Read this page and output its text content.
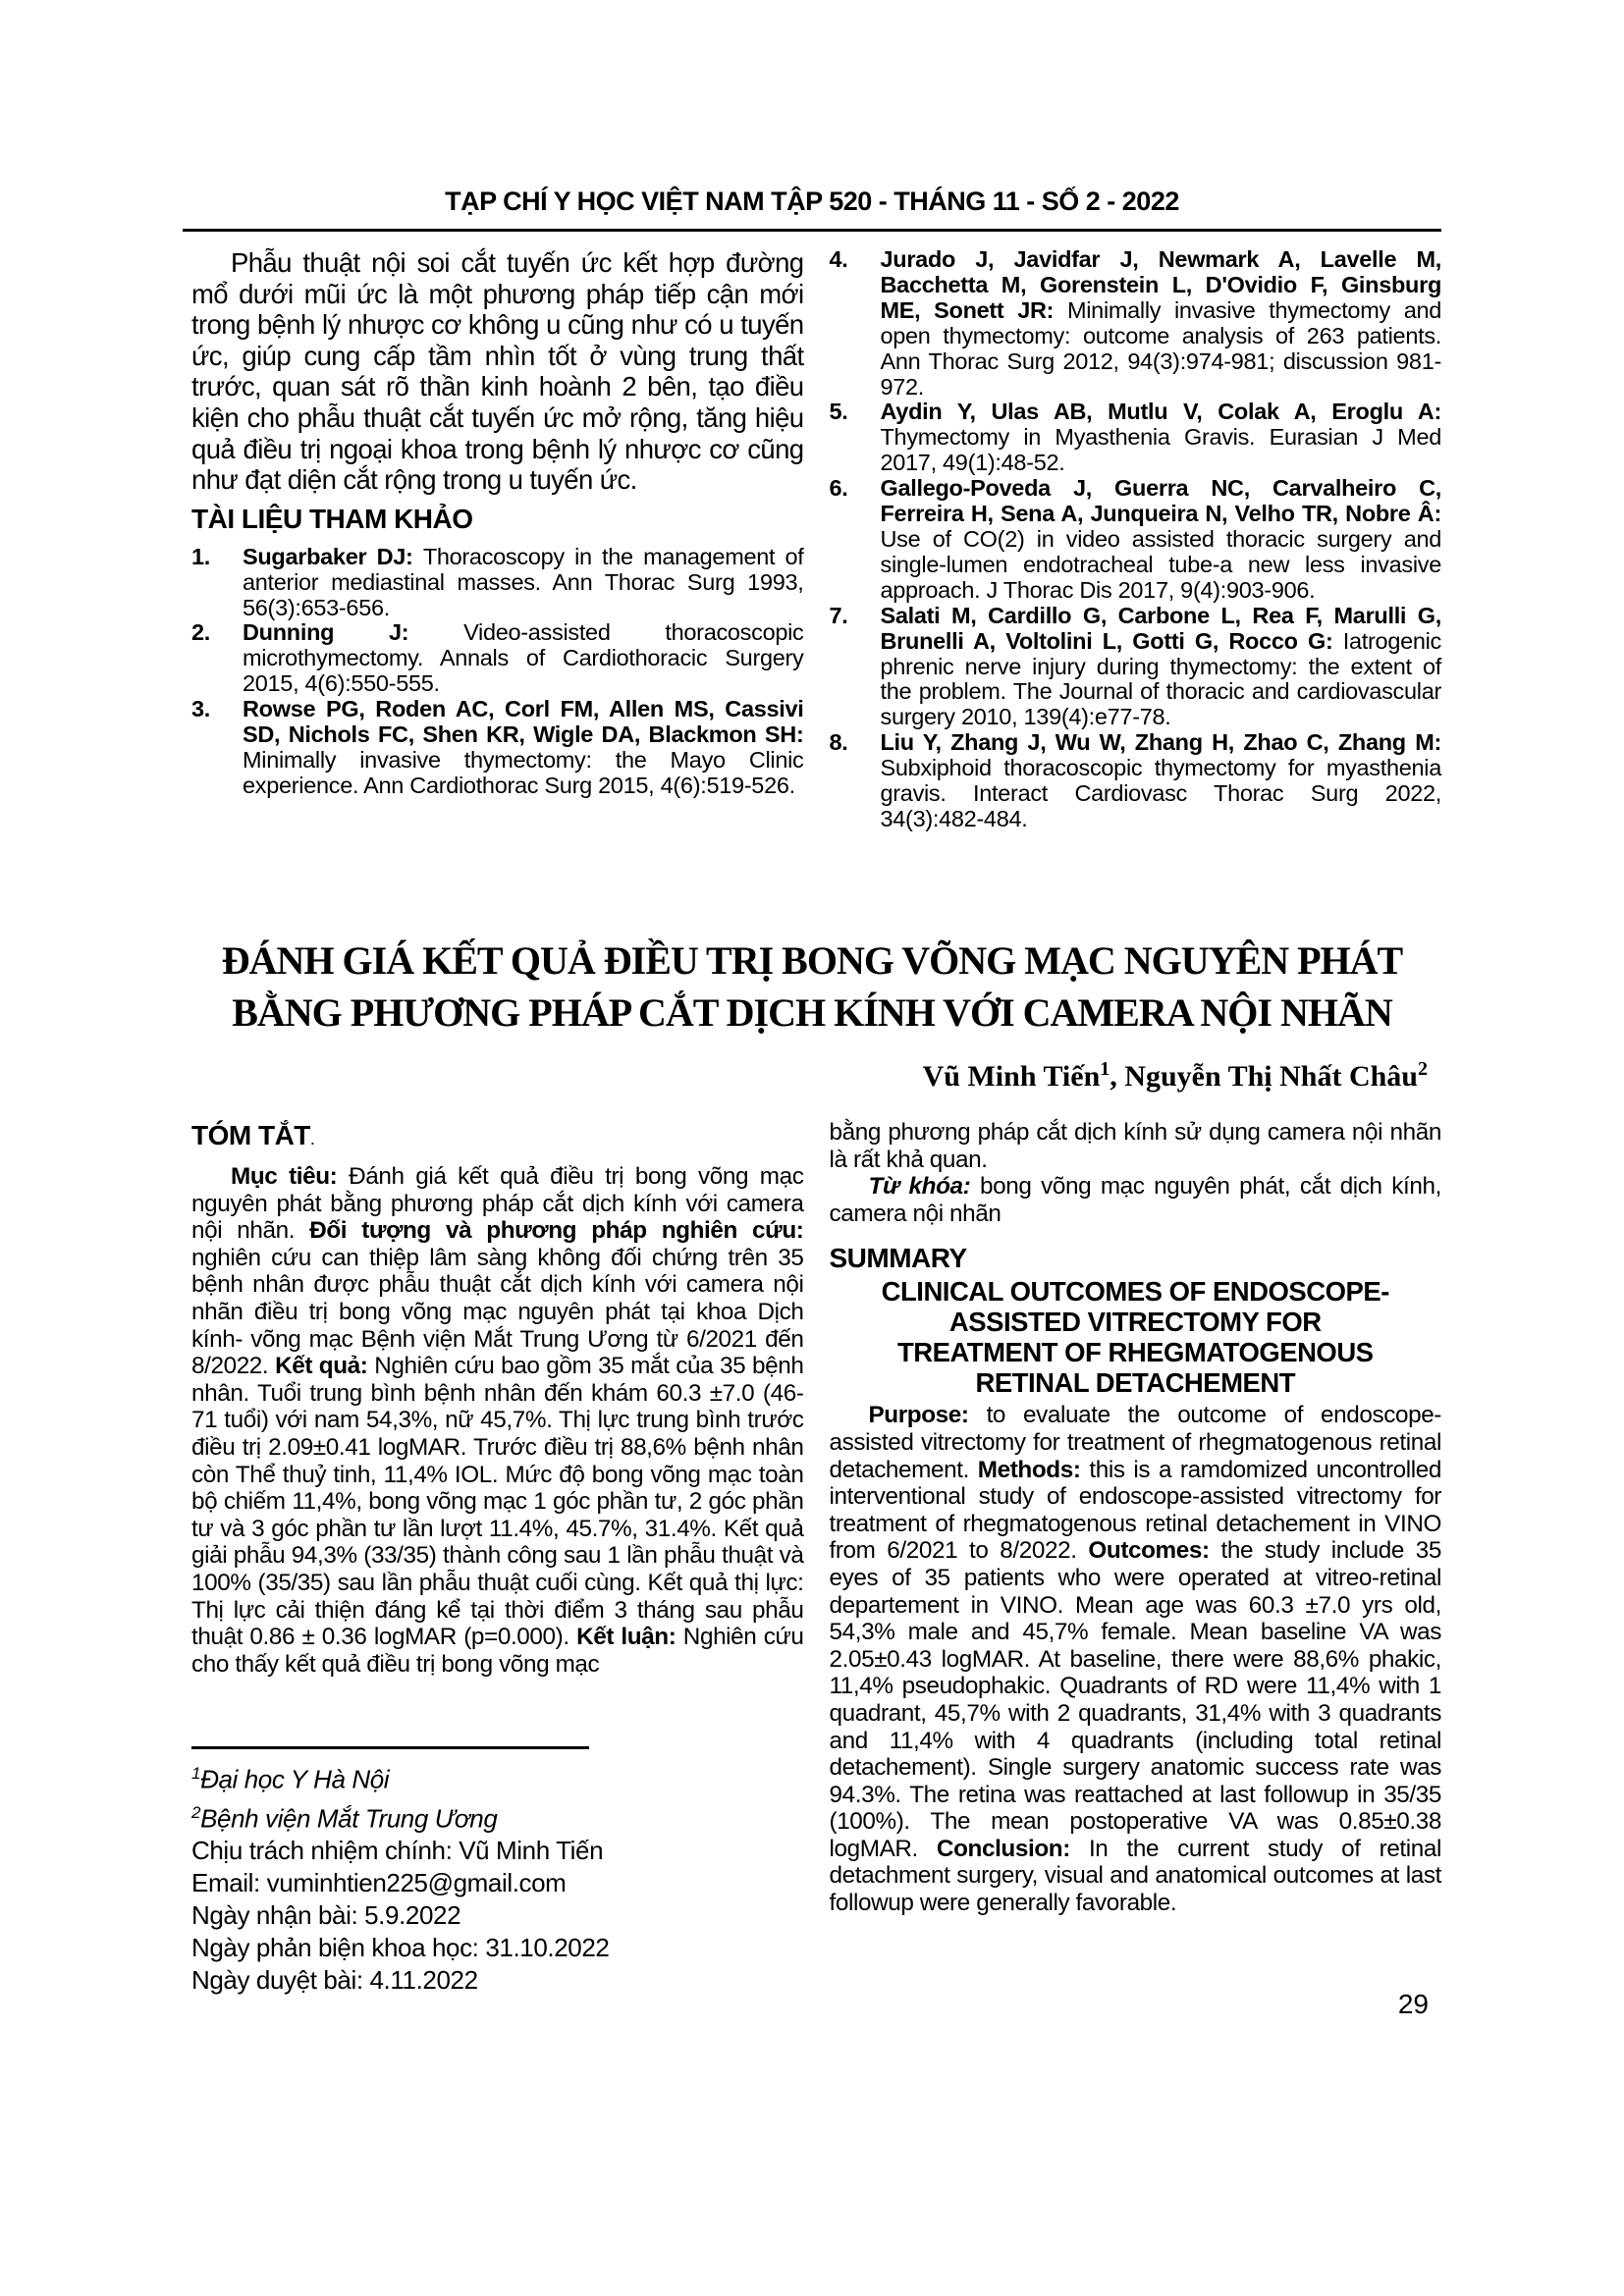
TẠP CHÍ Y HỌC VIỆT NAM TẬP 520 - THÁNG 11 - SỐ 2 - 2022

Phẫu thuật nội soi cắt tuyến ức kết hợp đường mổ dưới mũi ức là một phương pháp tiếp cận mới trong bệnh lý nhược cơ không u cũng như có u tuyến ức, giúp cung cấp tầm nhìn tốt ở vùng trung thất trước, quan sát rõ thần kinh hoành 2 bên, tạo điều kiện cho phẫu thuật cắt tuyến ức mở rộng, tăng hiệu quả điều trị ngoại khoa trong bệnh lý nhược cơ cũng như đạt diện cắt rộng trong u tuyến ức.

TÀI LIỆU THAM KHẢO
1. Sugarbaker DJ: Thoracoscopy in the management of anterior mediastinal masses. Ann Thorac Surg 1993, 56(3):653-656.
2. Dunning J: Video-assisted thoracoscopic microthymectomy. Annals of Cardiothoracic Surgery 2015, 4(6):550-555.
3. Rowse PG, Roden AC, Corl FM, Allen MS, Cassivi SD, Nichols FC, Shen KR, Wigle DA, Blackmon SH: Minimally invasive thymectomy: the Mayo Clinic experience. Ann Cardiothorac Surg 2015, 4(6):519-526.
4. Jurado J, Javidfar J, Newmark A, Lavelle M, Bacchetta M, Gorenstein L, D'Ovidio F, Ginsburg ME, Sonett JR: Minimally invasive thymectomy and open thymectomy: outcome analysis of 263 patients. Ann Thorac Surg 2012, 94(3):974-981; discussion 981-972.
5. Aydin Y, Ulas AB, Mutlu V, Colak A, Eroglu A: Thymectomy in Myasthenia Gravis. Eurasian J Med 2017, 49(1):48-52.
6. Gallego-Poveda J, Guerra NC, Carvalheiro C, Ferreira H, Sena A, Junqueira N, Velho TR, Nobre Â: Use of CO(2) in video assisted thoracic surgery and single-lumen endotracheal tube-a new less invasive approach. J Thorac Dis 2017, 9(4):903-906.
7. Salati M, Cardillo G, Carbone L, Rea F, Marulli G, Brunelli A, Voltolini L, Gotti G, Rocco G: Iatrogenic phrenic nerve injury during thymectomy: the extent of the problem. The Journal of thoracic and cardiovascular surgery 2010, 139(4):e77-78.
8. Liu Y, Zhang J, Wu W, Zhang H, Zhao C, Zhang M: Subxiphoid thoracoscopic thymectomy for myasthenia gravis. Interact Cardiovasc Thorac Surg 2022, 34(3):482-484.
ĐÁNH GIÁ KẾT QUẢ ĐIỀU TRỊ BONG VÕNG MẠC NGUYÊN PHÁT
BẰNG PHƯƠNG PHÁP CẮT DỊCH KÍNH VỚI CAMERA NỘI NHÃN
Vũ Minh Tiến$^1$, Nguyễn Thị Nhất Châu$^2$
TÓM TẮT.

Mục tiêu: Đánh giá kết quả điều trị bong võng mạc nguyên phát bằng phương pháp cắt dịch kính với camera nội nhãn. Đối tượng và phương pháp nghiên cứu: nghiên cứu can thiệp lâm sàng không đối chứng trên 35 bệnh nhân được phẫu thuật cắt dịch kính với camera nội nhãn điều trị bong võng mạc nguyên phát tại khoa Dịch kính- võng mạc Bệnh viện Mắt Trung Ương từ 6/2021 đến 8/2022. Kết quả: Nghiên cứu bao gồm 35 mắt của 35 bệnh nhân. Tuổi trung bình bệnh nhân đến khám 60.3 ±7.0 (46-71 tuổi) với nam 54,3%, nữ 45,7%. Thị lực trung bình trước điều trị 2.09±0.41 logMAR. Trước điều trị 88,6% bệnh nhân còn Thể thuỷ tinh, 11,4% IOL. Mức độ bong võng mạc toàn bộ chiếm 11,4%, bong võng mạc 1 góc phần tư, 2 góc phần tư và 3 góc phần tư lần lượt 11.4%, 45.7%, 31.4%. Kết quả giải phẫu 94,3% (33/35) thành công sau 1 lần phẫu thuật và 100% (35/35) sau lần phẫu thuật cuối cùng. Kết quả thị lực: Thị lực cải thiện đáng kể tại thời điểm 3 tháng sau phẫu thuật 0.86 ± 0.36 logMAR (p=0.000). Kết luận: Nghiên cứu cho thấy kết quả điều trị bong võng mạc

bằng phương pháp cắt dịch kính sử dụng camera nội nhãn là rất khả quan.

Từ khóa: bong võng mạc nguyên phát, cắt dịch kính, camera nội nhãn

SUMMARY
CLINICAL OUTCOMES OF ENDOSCOPE-
ASSISTED VITRECTOMY FOR
TREATMENT OF RHEGMATOGENOUS
RETINAL DETACHEMENT

Purpose: to evaluate the outcome of endoscope-assisted vitrectomy for treatment of rhegmatogenous retinal detachement. Methods: this is a ramdomized uncontrolled interventional study of endoscope-assisted vitrectomy for treatment of rhegmatogenous retinal detachement in VINO from 6/2021 to 8/2022. Outcomes: the study include 35 eyes of 35 patients who were operated at vitreo-retinal departement in VINO. Mean age was 60.3 ±7.0 yrs old, 54,3% male and 45,7% female. Mean baseline VA was 2.05±0.43 logMAR. At baseline, there were 88,6% phakic, 11,4% pseudophakic. Quadrants of RD were 11,4% with 1 quadrant, 45,7% with 2 quadrants, 31,4% with 3 quadrants and 11,4% with 4 quadrants (including total retinal detachement). Single surgery anatomic success rate was 94.3%. The retina was reattached at last followup in 35/35 (100%). The mean postoperative VA was 0.85±0.38 logMAR. Conclusion: In the current study of retinal detachment surgery, visual and anatomical outcomes at last followup were generally favorable.

$^1$Đại học Y Hà Nội
$^2$Bệnh viện Mắt Trung Ương
Chịu trách nhiệm chính: Vũ Minh Tiến
Email: vuminhtien225@gmail.com
Ngày nhận bài: 5.9.2022
Ngày phản biện khoa học: 31.10.2022
Ngày duyệt bài: 4.11.2022
29
